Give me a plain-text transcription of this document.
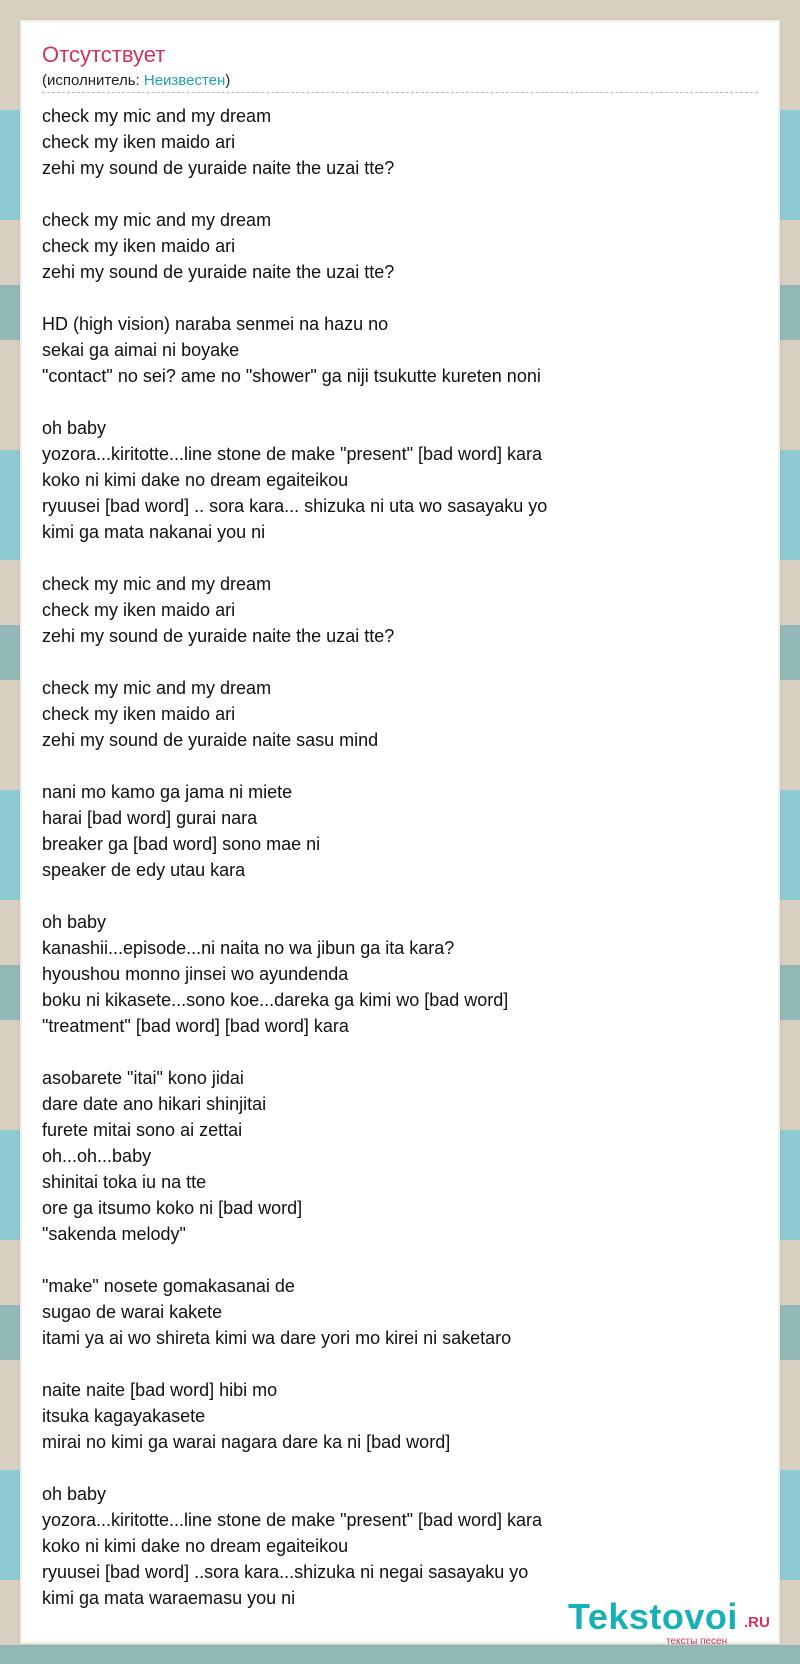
Отсутствует
(исполнитель: Неизвестен)
check my mic and my dream
check my iken maido ari
zehi my sound de yuraide naite the uzai tte?
check my mic and my dream
check my iken maido ari
zehi my sound de yuraide naite the uzai tte?
HD (high vision) naraba senmei na hazu no
sekai ga aimai ni boyake
"contact" no sei? ame no "shower" ga niji tsukutte kureten noni
oh baby
yozora...kiritotte...line stone de make "present" [bad word] kara
koko ni kimi dake no dream egaiteikou
ryuusei [bad word] .. sora kara... shizuka ni uta wo sasayaku yo
kimi ga mata nakanai you ni
check my mic and my dream
check my iken maido ari
zehi my sound de yuraide naite the uzai tte?
check my mic and my dream
check my iken maido ari
zehi my sound de yuraide naite sasu mind
nani mo kamo ga jama ni miete
harai [bad word] gurai nara
breaker ga [bad word] sono mae ni
speaker de edy utau kara
oh baby
kanashii...episode...ni naita no wa jibun ga ita kara?
hyoushou monno jinsei wo ayundenda
boku ni kikasete...sono koe...dareka ga kimi wo [bad word]
"treatment" [bad word] [bad word] kara
asobarete "itai" kono jidai
dare date ano hikari shinjitai
furete mitai sono ai zettai
oh...oh...baby
shinitai toka iu na tte
ore ga itsumo koko ni [bad word]
"sakenda melody"
"make" nosete gomakasanai de
sugao de warai kakete
itami ya ai wo shireta kimi wa dare yori mo kirei ni saketaro
naite naite [bad word] hibi mo
itsuka kagayakasete
mirai no kimi ga warai nagara dare ka ni [bad word]
oh baby
yozora...kiritotte...line stone de make "present" [bad word] kara
koko ni kimi dake no dream egaiteikou
ryuusei [bad word] ..sora kara...shizuka ni negai sasayaku yo
kimi ga mata waraemasu you ni	Tekstovoi .RU
тексты песен
